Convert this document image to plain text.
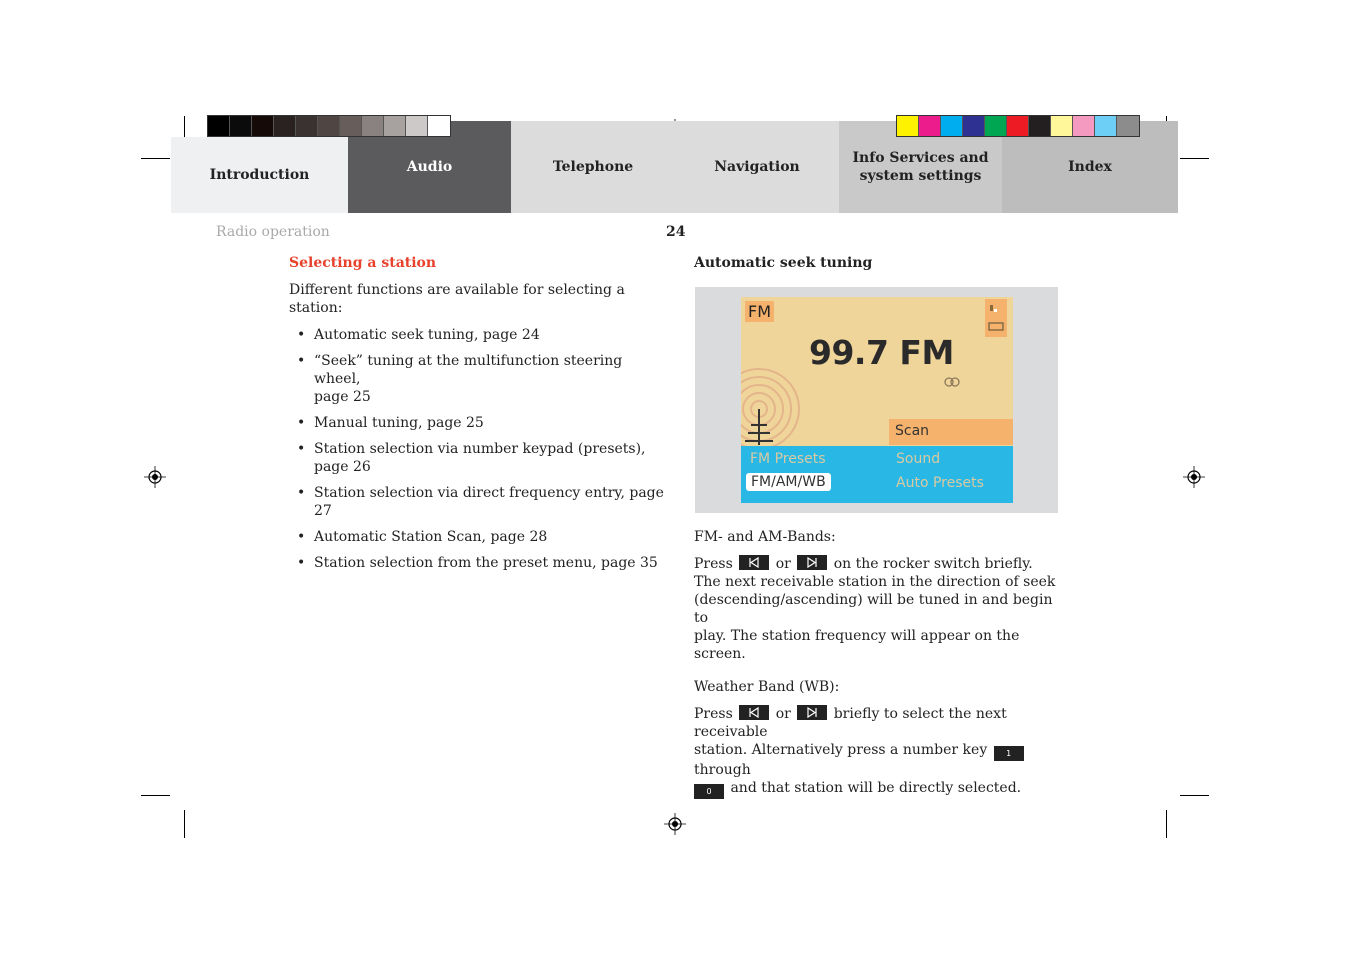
Introduction	Audio	Telephone	Navigation
Info Services and
system settings
Index
Radio operation	24
Selecting a station
Different functions are available for selecting a station:
• Automatic seek tuning, page 24
• “Seek” tuning at the multifunction steering wheel,
page 25
• Manual tuning, page 25
• Station selection via number keypad (presets),
page 26
• Station selection via direct frequency entry, page 27
• Automatic Station Scan, page 28
• Station selection from the preset menu, page 35
Automatic seek tuning
FM
99.7 FM
Scan
FM Presets	Sound
FM/AM/WB	Auto Presets
FM- and AM-Bands:
Press	or	on the rocker switch briefly.
The next receivable station in the direction of seek
(descending/ascending) will be tuned in and begin to
play. The station frequency will appear on the screen.
Weather Band (WB):
Press	or	briefly to select the next receivable
station. Alternatively press a number key 1 through
0 and that station will be directly selected.
